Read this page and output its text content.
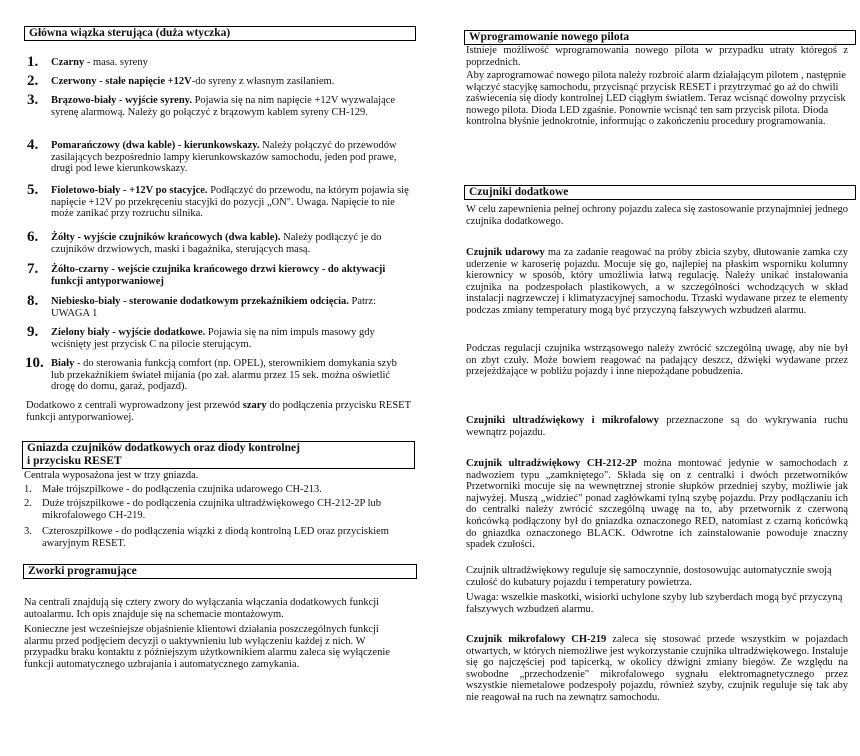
Główna wiązka sterująca (duża wtyczka)
1. Czarny - masa. syreny
2. Czerwony - stałe napięcie +12V-do syreny z własnym zasilaniem.
3. Brązowo-biały - wyjście syreny. Pojawia się na nim napięcie +12V wyzwalające syrenę alarmową. Należy go połączyć z brązowym kablem syreny CH-129.
4. Pomarańczowy (dwa kable) - kierunkowskazy. Należy połączyć do przewodów zasilających bezpośrednio lampy kierunkowskazów samochodu, jeden pod prawe, drugi pod lewe kierunkowskazy.
5. Fioletowo-biały - +12V po stacyjce. Podłączyć do przewodu, na którym pojawia się napięcie +12V po przekręceniu stacyjki do pozycji „ON". Uwaga. Napięcie to nie może zanikać przy rozruchu silnika.
6. Żółty - wyjście czujników krańcowych (dwa kable). Należy podłączyć je do czujników drzwiowych, maski i bagażnika, sterujących masą.
7. Żółto-czarny - wejście czujnika krańcowego drzwi kierowcy - do aktywacji funkcji antyporwaniowej
8. Niebiesko-biały - sterowanie dodatkowym przekaźnikiem odcięcia. Patrz: UWAGA 1
9. Zielony biały - wyjście dodatkowe. Pojawia się na nim impuls masowy gdy wciśnięty jest przycisk C na pilocie sterującym.
10. Biały - do sterowania funkcją comfort (np. OPEL), sterownikiem domykania szyb lub przekaźnikiem świateł mijania (po zał. alarmu przez 15 sek. można oświetlić drogę do domu, garaż, podjazd).
Dodatkowo z centrali wyprowadzony jest przewód szary do podłączenia przycisku RESET funkcji antyporwaniowej.
Gniazda czujników dodatkowych oraz diody kontrolnej
i przycisku RESET
Centrala wyposażona jest w trzy gniazda.
1. Małe trójszpilkowe - do podłączenia czujnika udarowego CH-213.
2. Duże trójszpilkowe - do podłączenia czujnika ultradźwiękowego CH-212-2P lub mikrofalowego CH-219.
3. Czteroszpilkowe - do podłączenia wiązki z diodą kontrolną LED oraz przyciskiem awaryjnym RESET.
Zworki programujące
Na centrali znajdują się cztery zwory do wyłączania włączania dodatkowych funkcji autoalarmu. Ich opis znajduje się na schemacie montażowym.
Konieczne jest wcześniejsze objaśnienie klientowi działania poszczególnych funkcji alarmu przed podjęciem decyzji o uaktywnieniu lub wyłączeniu każdej z nich. W przypadku braku kontaktu z późniejszym użytkownikiem alarmu zaleca się wyłączenie funkcji automatycznego uzbrajania i automatycznego zamykania.
Wprogramowanie nowego pilota
Istnieje możliwość wprogramowania nowego pilota w przypadku utraty któregoś z poprzednich.
Aby zaprogramować nowego pilota należy rozbroić alarm działającym pilotem , następnie włączyć stacyjkę samochodu, przycisnąć przycisk RESET i przytrzymać go aż do chwili zaświecenia się diody kontrolnej LED ciągłym światłem. Teraz wcisnąć dowolny przycisk nowego pilota. Dioda LED zgaśnie. Ponownie wcisnąć ten sam przycisk pilota. Dioda kontrolna błyśnie jednokrotnie, informując o zakończeniu procedury programowania.
Czujniki dodatkowe
W celu zapewnienia pełnej ochrony pojazdu zaleca się zastosowanie przynajmniej jednego czujnika dodatkowego.
Czujnik udarowy ma za zadanie reagować na próby zbicia szyby, dłutowanie zamka czy uderzenie w karoserię pojazdu. Mocuje się go, najlepiej na płaskim wsporniku kolumny kierownicy w sposób, który umożliwia łatwą regulację. Należy unikać instalowania czujnika na podzespołach plastikowych, a w szczególności wchodzących w skład instalacji nagrzewczej i klimatyzacyjnej samochodu. Trzaski wydawane przez te elementy podczas zmiany temperatury mogą być przyczyną fałszywych wzbudzeń alarmu.
Podczas regulacji czujnika wstrząsowego należy zwrócić szczególną uwagę, aby nie był on zbyt czuły. Może bowiem reagować na padający deszcz, dźwięki wydawane przez przejeżdżające w pobliżu pojazdy i inne niepożądane pobudzenia.
Czujniki ultradźwiękowy i mikrofalowy przeznaczone są do wykrywania ruchu wewnątrz pojazdu.
Czujnik ultradźwiękowy CH-212-2P można montować jedynie w samochodach z nadwoziem typu „zamkniętego". Składa się on z centralki i dwóch przetworników Przetworniki mocuje się na wewnętrznej stronie słupków przedniej szyby, możliwie jak najwyżej. Muszą „widzieć" ponad zagłówkami tylną szybę pojazdu. Przy podłączaniu ich do centralki należy zwrócić szczególną uwagę na to, aby przetwornik z czerwoną końcówką podłączony był do gniazdka oznaczonego RED, natomiast z czarną końcówką do gniazdka oznaczonego BLACK. Odwrotne ich zainstalowanie powoduje znaczny spadek czułości.
Czujnik ultradźwiękowy reguluje się samoczynnie, dostosowując automatycznie swoją czułość do kubatury pojazdu i temperatury powietrza.
Uwaga: wszelkie maskotki, wisiorki uchylone szyby lub szyberdach mogą być przyczyną fałszywych wzbudzeń alarmu.
Czujnik mikrofalowy CH-219 zaleca się stosować przede wszystkim w pojazdach otwartych, w których niemożliwe jest wykorzystanie czujnika ultradźwiękowego. Instaluje się go najczęściej pod tapicerką, w okolicy dźwigni zmiany biegów. Ze względu na swobodne „przechodzenie" mikrofalowego sygnału elektromagnetycznego przez wszystkie niemetalowe podzespoły pojazdu, również szyby, czujnik reguluje się tak aby nie reagował na ruch na zewnątrz samochodu.
